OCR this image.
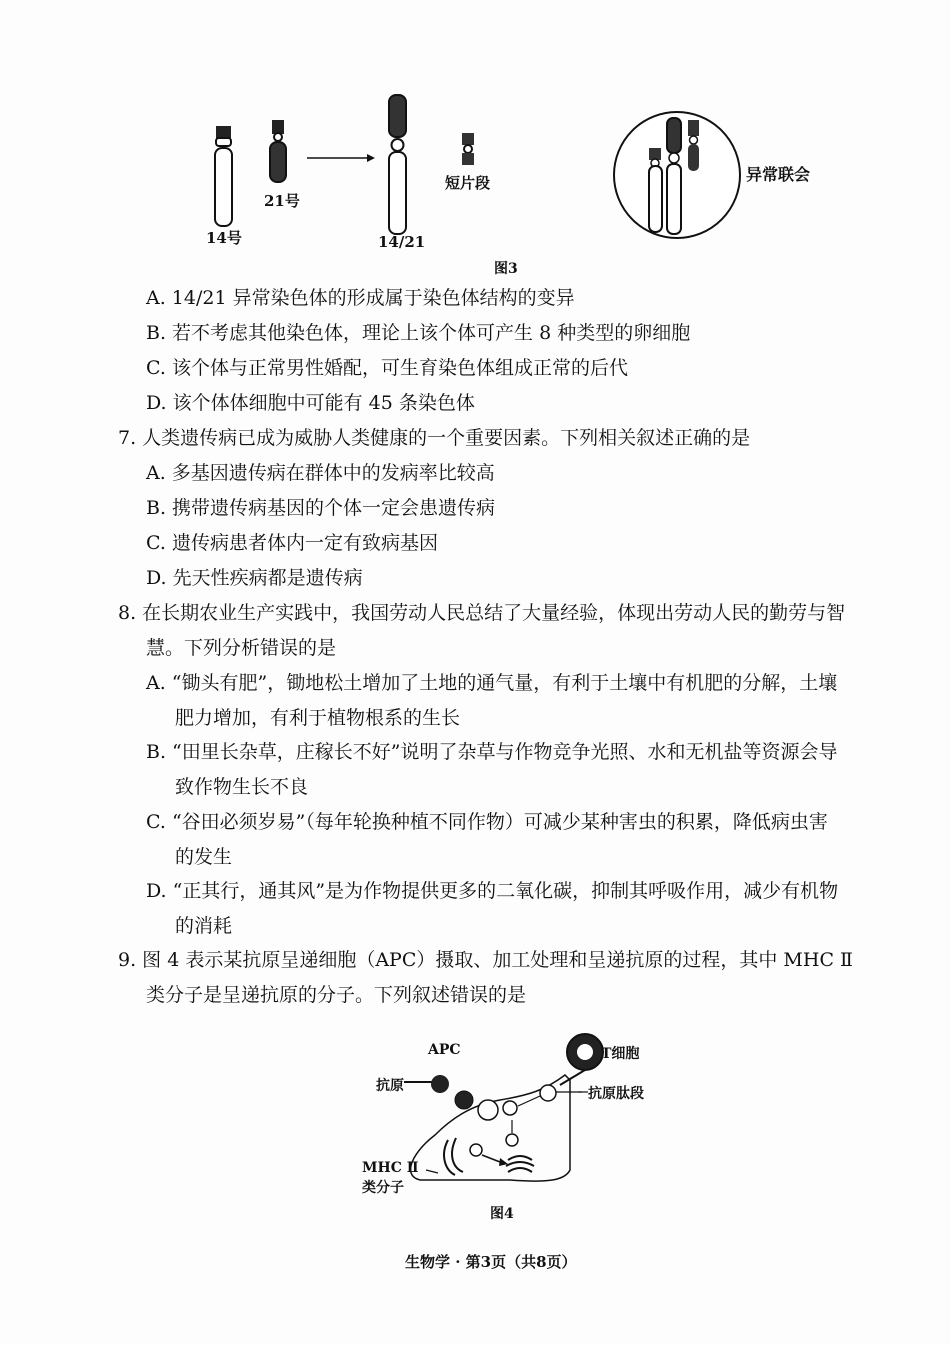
14号
21号
14/21
短片段	异常联会
图3
A. 14/21 异常染色体的形成属于染色体结构的变异
B. 若不考虑其他染色体，理论上该个体可产生 8 种类型的卵细胞
C. 该个体与正常男性婚配，可生育染色体组成正常的后代
D. 该个体体细胞中可能有 45 条染色体
7. 人类遗传病已成为威胁人类健康的一个重要因素。下列相关叙述正确的是
A. 多基因遗传病在群体中的发病率比较高
B. 携带遗传病基因的个体一定会患遗传病
C. 遗传病患者体内一定有致病基因
D. 先天性疾病都是遗传病
8. 在长期农业生产实践中，我国劳动人民总结了大量经验，体现出劳动人民的勤劳与智
慧。下列分析错误的是
A. “锄头有肥”，锄地松土增加了土地的通气量，有利于土壤中有机肥的分解，土壤
肥力增加，有利于植物根系的生长
B. “田里长杂草，庄稼长不好”说明了杂草与作物竞争光照、水和无机盐等资源会导
致作物生长不良
C. “谷田必须岁易”（每年轮换种植不同作物）可减少某种害虫的积累，降低病虫害
的发生
D. “正其行，通其风”是为作物提供更多的二氧化碳，抑制其呼吸作用，减少有机物
的消耗
9. 图 4 表示某抗原呈递细胞（APC）摄取、加工处理和呈递抗原的过程，其中 MHC Ⅱ
类分子是呈递抗原的分子。下列叙述错误的是
APC
抗原
T细胞
抗原肽段
MHC Ⅱ
类分子
图4
生物学 · 第3页（共8页）
